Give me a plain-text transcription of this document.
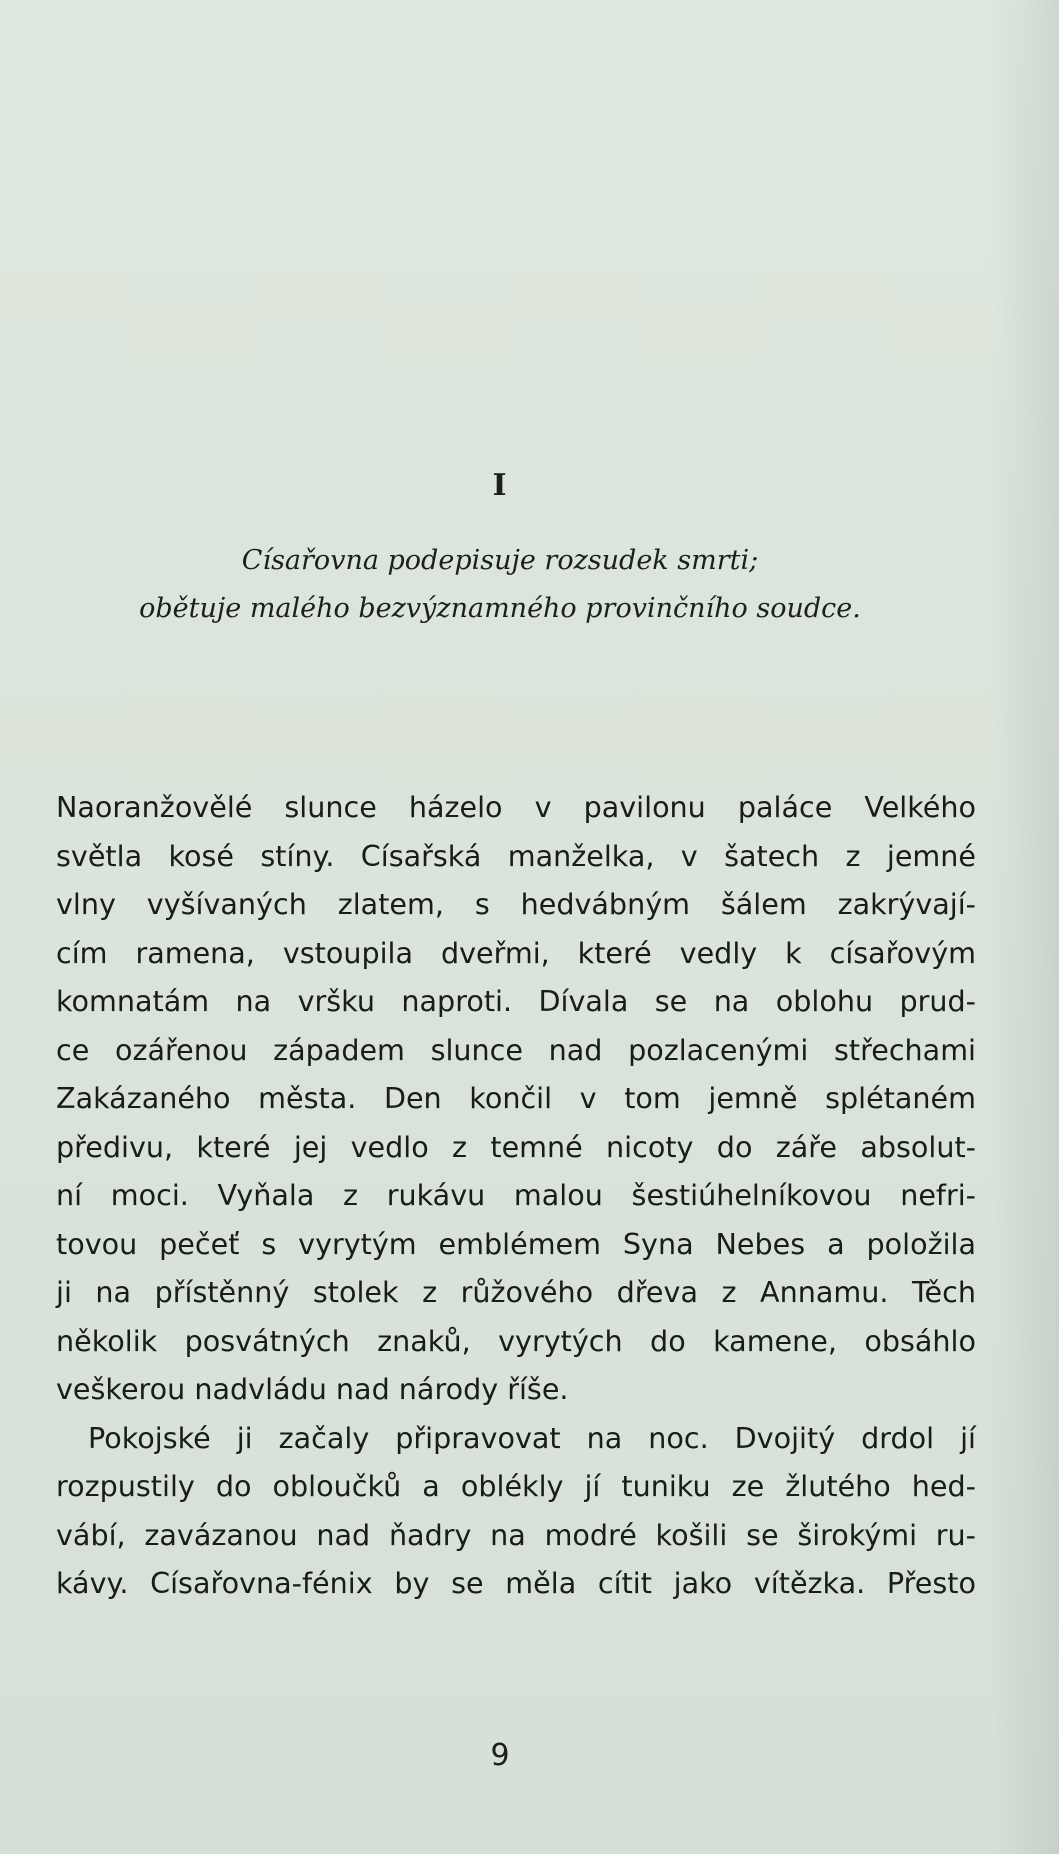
I
Císařovna podepisuje rozsudek smrti;
obětuje malého bezvýznamného provinčního soudce.
Naoranžovělé slunce házelo v pavilonu paláce Velkého
světla kosé stíny. Císařská manželka, v šatech z jemné
vlny vyšívaných zlatem, s hedvábným šálem zakrývají-
cím ramena, vstoupila dveřmi, které vedly k císařovým
komnatám na vršku naproti. Dívala se na oblohu prud-
ce ozářenou západem slunce nad pozlacenými střechami
Zakázaného města. Den končil v tom jemně splétaném
předivu, které jej vedlo z temné nicoty do záře absolut-
ní moci. Vyňala z rukávu malou šestiúhelníkovou nefri-
tovou pečeť s vyrytým emblémem Syna Nebes a položila
ji na přístěnný stolek z růžového dřeva z Annamu. Těch
několik posvátných znaků, vyrytých do kamene, obsáhlo
veškerou nadvládu nad národy říše.
Pokojské ji začaly připravovat na noc. Dvojitý drdol jí
rozpustily do obloučků a oblékly jí tuniku ze žlutého hed-
vábí, zavázanou nad ňadry na modré košili se širokými ru-
kávy. Císařovna-fénix by se měla cítit jako vítězka. Přesto
9
